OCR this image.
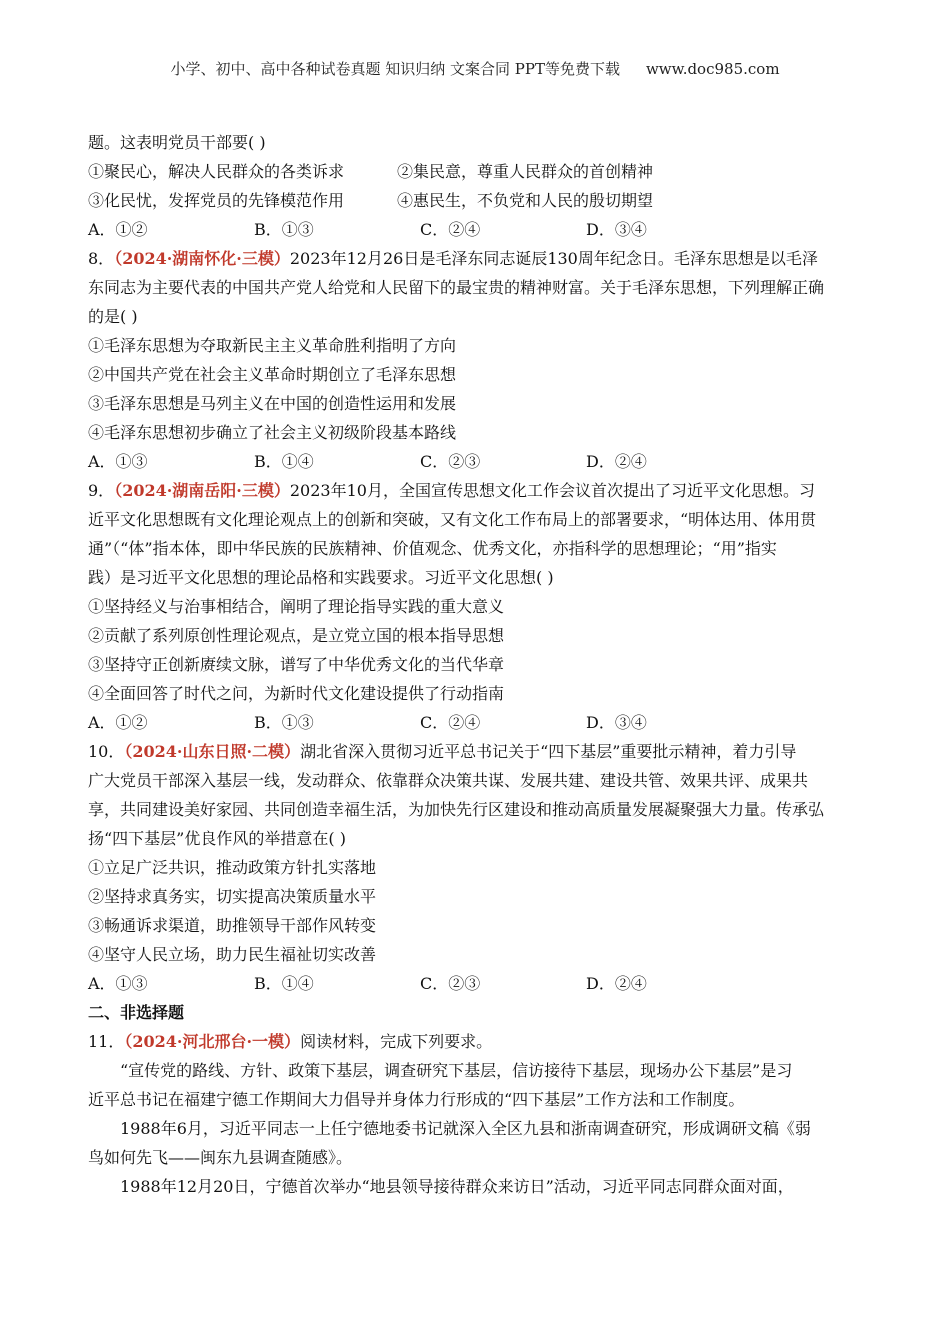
小学、初中、高中各种试卷真题 知识归纳 文案合同 PPT等免费下载 www.doc985.com
题。这表明党员干部要( )
①聚民心，解决人民群众的各类诉求	②集民意，尊重人民群众的首创精神
③化民忧，发挥党员的先锋模范作用	④惠民生，不负党和人民的殷切期望
A．①②	B．①③	C．②④	D．③④
8．（2024·湖南怀化·三模）2023年12月26日是毛泽东同志诞辰130周年纪念日。毛泽东思想是以毛泽
东同志为主要代表的中国共产党人给党和人民留下的最宝贵的精神财富。关于毛泽东思想，下列理解正确
的是( )
①毛泽东思想为夺取新民主主义革命胜利指明了方向
②中国共产党在社会主义革命时期创立了毛泽东思想
③毛泽东思想是马列主义在中国的创造性运用和发展
④毛泽东思想初步确立了社会主义初级阶段基本路线
A．①③	B．①④	C．②③	D．②④
9．（2024·湖南岳阳·三模）2023年10月，全国宣传思想文化工作会议首次提出了习近平文化思想。习
近平文化思想既有文化理论观点上的创新和突破，又有文化工作布局上的部署要求，“明体达用、体用贯
通”（“体”指本体，即中华民族的民族精神、价值观念、优秀文化，亦指科学的思想理论；“用”指实
践）是习近平文化思想的理论品格和实践要求。习近平文化思想( )
①坚持经义与治事相结合，阐明了理论指导实践的重大意义
②贡献了系列原创性理论观点，是立党立国的根本指导思想
③坚持守正创新赓续文脉，谱写了中华优秀文化的当代华章
④全面回答了时代之问，为新时代文化建设提供了行动指南
A．①②	B．①③	C．②④	D．③④
10．（2024·山东日照·二模）湖北省深入贯彻习近平总书记关于“四下基层”重要批示精神，着力引导
广大党员干部深入基层一线，发动群众、依靠群众决策共谋、发展共建、建设共管、效果共评、成果共
享，共同建设美好家园、共同创造幸福生活，为加快先行区建设和推动高质量发展凝聚强大力量。传承弘
扬“四下基层”优良作风的举措意在( )
①立足广泛共识，推动政策方针扎实落地
②坚持求真务实，切实提高决策质量水平
③畅通诉求渠道，助推领导干部作风转变
④坚守人民立场，助力民生福祉切实改善
A．①③	B．①④	C．②③	D．②④
二、非选择题
11．（2024·河北邢台·一模）阅读材料，完成下列要求。
“宣传党的路线、方针、政策下基层，调查研究下基层，信访接待下基层，现场办公下基层”是习
近平总书记在福建宁德工作期间大力倡导并身体力行形成的“四下基层”工作方法和工作制度。
1988年6月，习近平同志一上任宁德地委书记就深入全区九县和浙南调查研究，形成调研文稿《弱
鸟如何先飞——闽东九县调查随感》。
1988年12月20日，宁德首次举办“地县领导接待群众来访日”活动，习近平同志同群众面对面，
